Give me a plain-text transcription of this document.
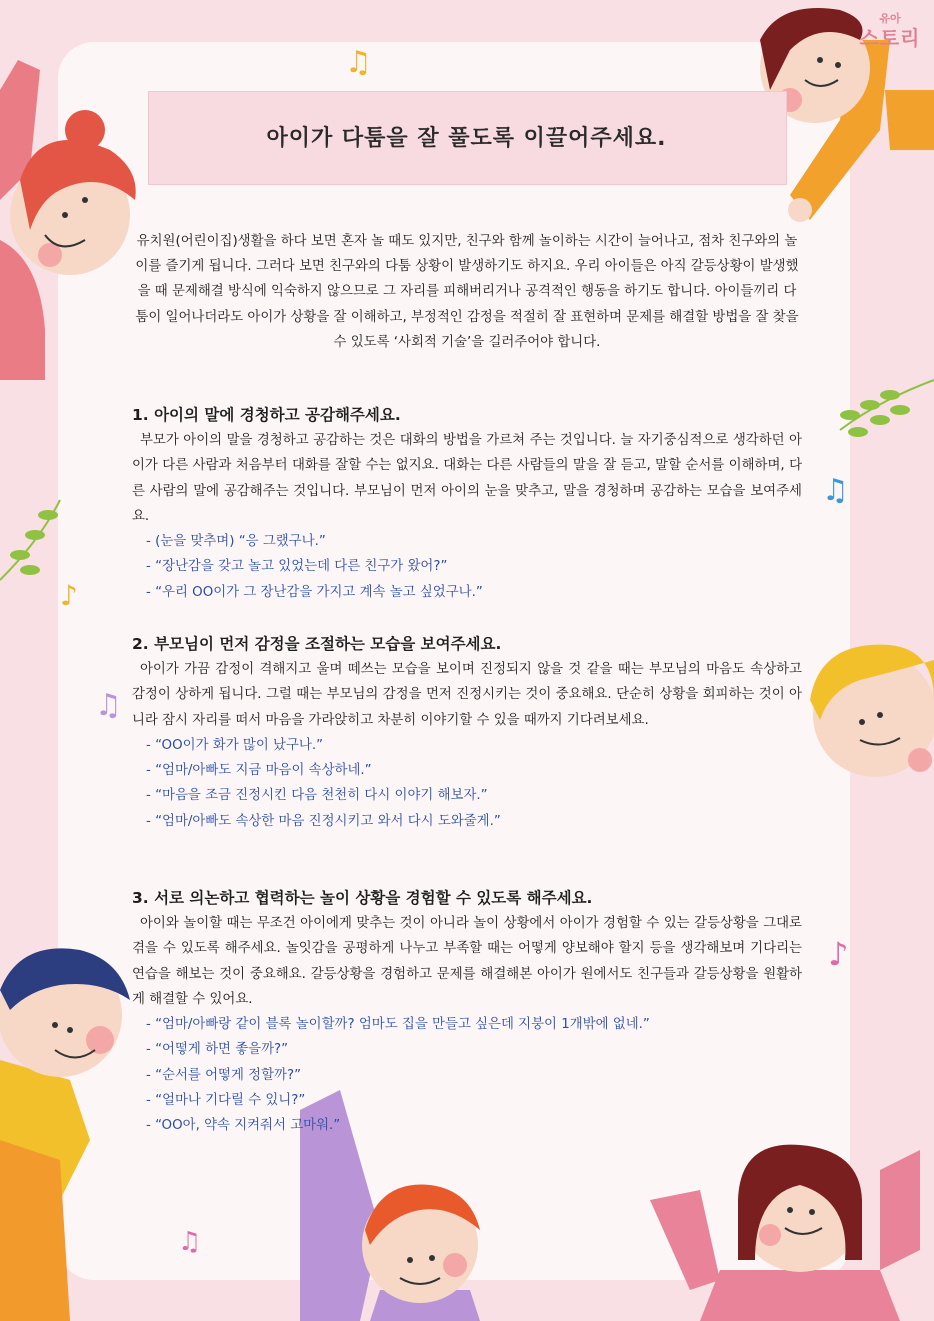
♫
♪
♫
♫
♪
♫
유아
스토리
아이가 다툼을 잘 풀도록 이끌어주세요.
유치원(어린이집)생활을 하다 보면 혼자 놀 때도 있지만, 친구와 함께 놀이하는 시간이 늘어나고, 점차 친구와의 놀이를 즐기게 됩니다. 그러다 보면 친구와의 다툼 상황이 발생하기도 하지요. 우리 아이들은 아직 갈등상황이 발생했을 때 문제해결 방식에 익숙하지 않으므로 그 자리를 피해버리거나 공격적인 행동을 하기도 합니다. 아이들끼리 다툼이 일어나더라도 아이가 상황을 잘 이해하고, 부정적인 감정을 적절히 잘 표현하며 문제를 해결할 방법을 잘 찾을 수 있도록 ‘사회적 기술’을 길러주어야 합니다.
1. 아이의 말에 경청하고 공감해주세요.
부모가 아이의 말을 경청하고 공감하는 것은 대화의 방법을 가르쳐 주는 것입니다. 늘 자기중심적으로 생각하던 아이가 다른 사람과 처음부터 대화를 잘할 수는 없지요. 대화는 다른 사람들의 말을 잘 듣고, 말할 순서를 이해하며, 다른 사람의 말에 공감해주는 것입니다. 부모님이 먼저 아이의 눈을 맞추고, 말을 경청하며 공감하는 모습을 보여주세요.
- (눈을 맞추며) “응 그랬구나.”
- “장난감을 갖고 놀고 있었는데 다른 친구가 왔어?”
- “우리 OO이가 그 장난감을 가지고 계속 놀고 싶었구나.”
2. 부모님이 먼저 감정을 조절하는 모습을 보여주세요.
아이가 가끔 감정이 격해지고 울며 떼쓰는 모습을 보이며 진정되지 않을 것 같을 때는 부모님의 마음도 속상하고 감정이 상하게 됩니다. 그럴 때는 부모님의 감정을 먼저 진정시키는 것이 중요해요. 단순히 상황을 회피하는 것이 아니라 잠시 자리를 떠서 마음을 가라앉히고 차분히 이야기할 수 있을 때까지 기다려보세요.
- “OO이가 화가 많이 났구나.”
- “엄마/아빠도 지금 마음이 속상하네.”
- “마음을 조금 진정시킨 다음 천천히 다시 이야기 해보자.”
- “엄마/아빠도 속상한 마음 진정시키고 와서 다시 도와줄게.”
3. 서로 의논하고 협력하는 놀이 상황을 경험할 수 있도록 해주세요.
아이와 놀이할 때는 무조건 아이에게 맞추는 것이 아니라 놀이 상황에서 아이가 경험할 수 있는 갈등상황을 그대로 겪을 수 있도록 해주세요. 놀잇감을 공평하게 나누고 부족할 때는 어떻게 양보해야 할지 등을 생각해보며 기다리는 연습을 해보는 것이 중요해요. 갈등상황을 경험하고 문제를 해결해본 아이가 원에서도 친구들과 갈등상황을 원활하게 해결할 수 있어요.
- “엄마/아빠랑 같이 블록 놀이할까? 엄마도 집을 만들고 싶은데 지붕이 1개밖에 없네.”
- “어떻게 하면 좋을까?”
- “순서를 어떻게 정할까?”
- “얼마나 기다릴 수 있니?”
- “OO아, 약속 지켜줘서 고마워.”
